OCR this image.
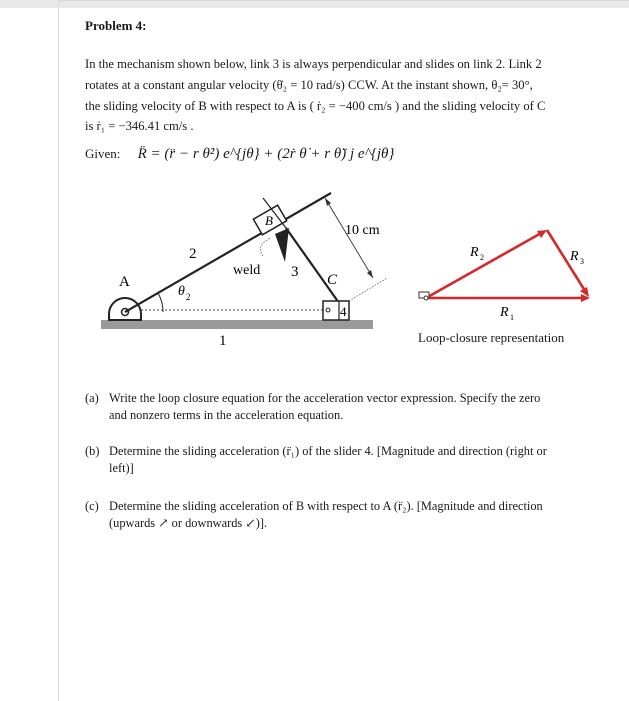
Problem 4:
In the mechanism shown below, link 3 is always perpendicular and slides on link 2. Link 2
rotates at a constant angular velocity (θ̇₂ = 10 rad/s) CCW. At the instant shown, θ₂= 30°,
the sliding velocity of B with respect to A is ( ṙ₂ = −400 cm/s ) and the sliding velocity of C
is ṙ₁ = −346.41 cm/s .
Given: R̈ = (r̈ − r θ̇²) e^{jθ} + (2ṙ θ̇ + r θ̈) j e^{jθ}
A
B
C
1
2
3
4
θ 2
weld
10 cm
R 1
R 2	R 3
Loop-closure representation
(a) Write the loop closure equation for the acceleration vector expression. Specify the zero
and nonzero terms in the acceleration equation.
(b) Determine the sliding acceleration (r̈₁) of the slider 4. [Magnitude and direction (right or
left)]
(c) Determine the sliding acceleration of B with respect to A (r̈₂). [Magnitude and direction
(upwards ↗ or downwards ↙)].
